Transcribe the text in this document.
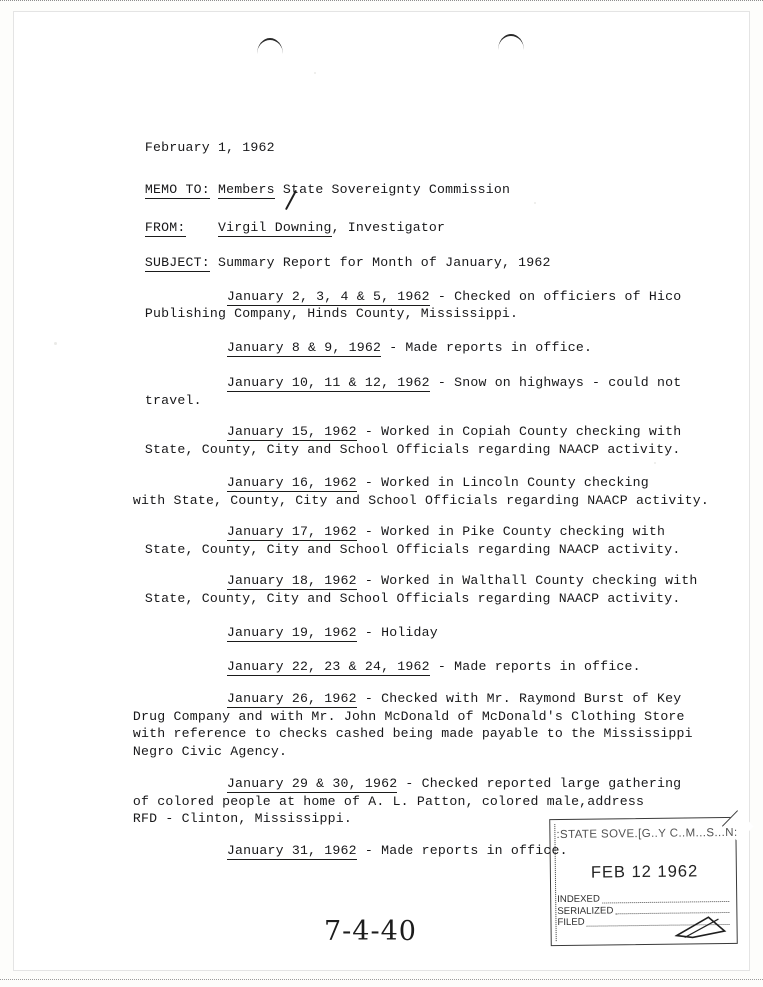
February 1, 1962

MEMO TO: Members State Sovereignty Commission

FROM: Virgil Downing, Investigator

SUBJECT: Summary Report for Month of January, 1962

January 2, 3, 4 & 5, 1962 - Checked on officiers of Hico

Publishing Company, Hinds County, Mississippi.

January 8 & 9, 1962 - Made reports in office.

January 10, 11 & 12, 1962 - Snow on highways - could not

travel.

January 15, 1962 - Worked in Copiah County checking with

State, County, City and School Officials regarding NAACP activity.

January 16, 1962 - Worked in Lincoln County checking

with State, County, City and School Officials regarding NAACP activity.

January 17, 1962 - Worked in Pike County checking with

State, County, City and School Officials regarding NAACP activity.

January 18, 1962 - Worked in Walthall County checking with

State, County, City and School Officials regarding NAACP activity.

January 19, 1962 - Holiday

January 22, 23 & 24, 1962 - Made reports in office.

January 26, 1962 - Checked with Mr. Raymond Burst of Key

Drug Company and with Mr. John McDonald of McDonald's Clothing Store

with reference to checks cashed being made payable to the Mississippi

Negro Civic Agency.

January 29 & 30, 1962 - Checked reported large gathering

of colored people at home of A. L. Patton, colored male,address

RFD - Clinton, Mississippi.

January 31, 1962 - Made reports in office.

7-4-40
:STATE SOVE.[G..Y C..M...S...N:
FEB 12 1962
INDEXED
SERIALIZED
FILED
